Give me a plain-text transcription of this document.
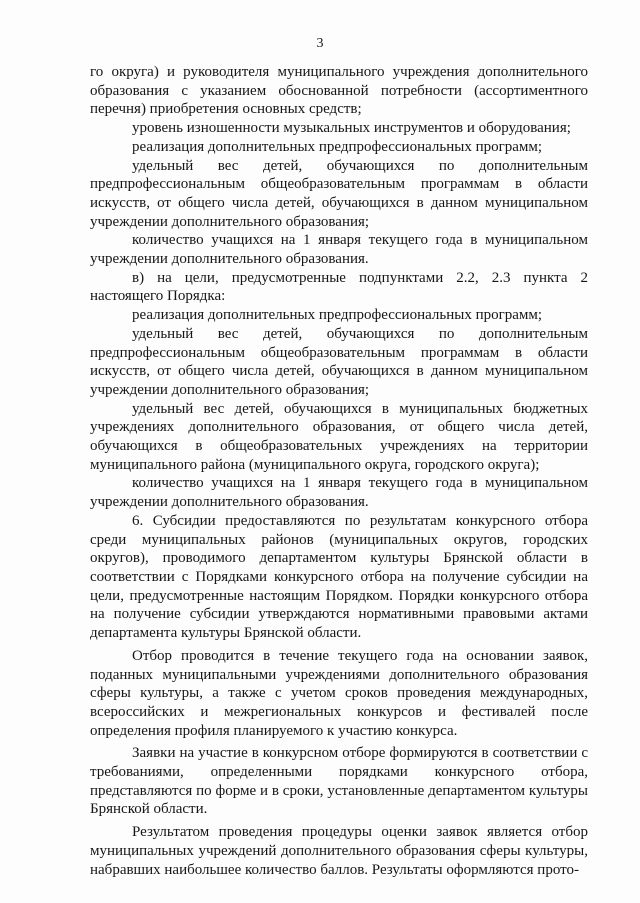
3

го округа) и руководителя муниципального учреждения дополнительного образования с указанием обоснованной потребности (ассортиментного перечня) приобретения основных средств;

уровень изношенности музыкальных инструментов и оборудования;

реализация дополнительных предпрофессиональных программ;

удельный вес детей, обучающихся по дополнительным предпрофессиональным общеобразовательным программам в области искусств, от общего числа детей, обучающихся в данном муниципальном учреждении дополнительного образования;

количество учащихся на 1 января текущего года в муниципальном учреждении дополнительного образования.

в) на цели, предусмотренные подпунктами 2.2, 2.3 пункта 2 настоящего Порядка:

реализация дополнительных предпрофессиональных программ;

удельный вес детей, обучающихся по дополнительным предпрофессиональным общеобразовательным программам в области искусств, от общего числа детей, обучающихся в данном муниципальном учреждении дополнительного образования;

удельный вес детей, обучающихся в муниципальных бюджетных учреждениях дополнительного образования, от общего числа детей, обучающихся в общеобразовательных учреждениях на территории муниципального района (муниципального округа, городского округа);

количество учащихся на 1 января текущего года в муниципальном учреждении дополнительного образования.

6. Субсидии предоставляются по результатам конкурсного отбора среди муниципальных районов (муниципальных округов, городских округов), проводимого департаментом культуры Брянской области в соответствии с Порядками конкурсного отбора на получение субсидии на цели, предусмотренные настоящим Порядком. Порядки конкурсного отбора на получение субсидии утверждаются нормативными правовыми актами департамента культуры Брянской области.

Отбор проводится в течение текущего года на основании заявок, поданных муниципальными учреждениями дополнительного образования сферы культуры, а также с учетом сроков проведения международных, всероссийских и межрегиональных конкурсов и фестивалей после определения профиля планируемого к участию конкурса.

Заявки на участие в конкурсном отборе формируются в соответствии с требованиями, определенными порядками конкурсного отбора, представляются по форме и в сроки, установленные департаментом культуры Брянской области.

Результатом проведения процедуры оценки заявок является отбор муниципальных учреждений дополнительного образования сферы культуры, набравших наибольшее количество баллов. Результаты оформляются прото-
